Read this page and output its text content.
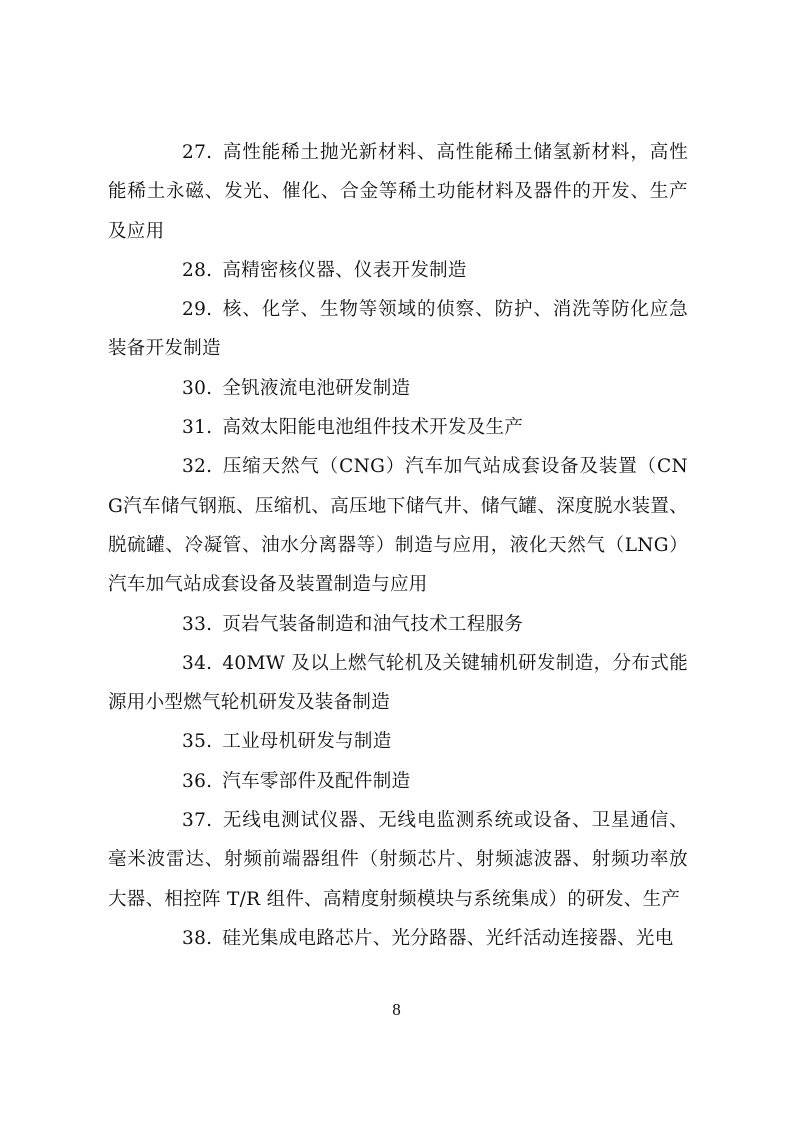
27. 高性能稀土抛光新材料、高性能稀土储氢新材料，高性能稀土永磁、发光、催化、合金等稀土功能材料及器件的开发、生产及应用

28. 高精密核仪器、仪表开发制造

29. 核、化学、生物等领域的侦察、防护、消洗等防化应急装备开发制造

30. 全钒液流电池研发制造

31. 高效太阳能电池组件技术开发及生产

32. 压缩天然气（CNG）汽车加气站成套设备及装置（CNG汽车储气钢瓶、压缩机、高压地下储气井、储气罐、深度脱水装置、脱硫罐、冷凝管、油水分离器等）制造与应用，液化天然气（LNG）汽车加气站成套设备及装置制造与应用

33. 页岩气装备制造和油气技术工程服务

34. 40MW 及以上燃气轮机及关键辅机研发制造，分布式能源用小型燃气轮机研发及装备制造

35. 工业母机研发与制造

36. 汽车零部件及配件制造

37. 无线电测试仪器、无线电监测系统或设备、卫星通信、毫米波雷达、射频前端器组件（射频芯片、射频滤波器、射频功率放大器、相控阵 T/R 组件、高精度射频模块与系统集成）的研发、生产

38. 硅光集成电路芯片、光分路器、光纤活动连接器、光电

8
